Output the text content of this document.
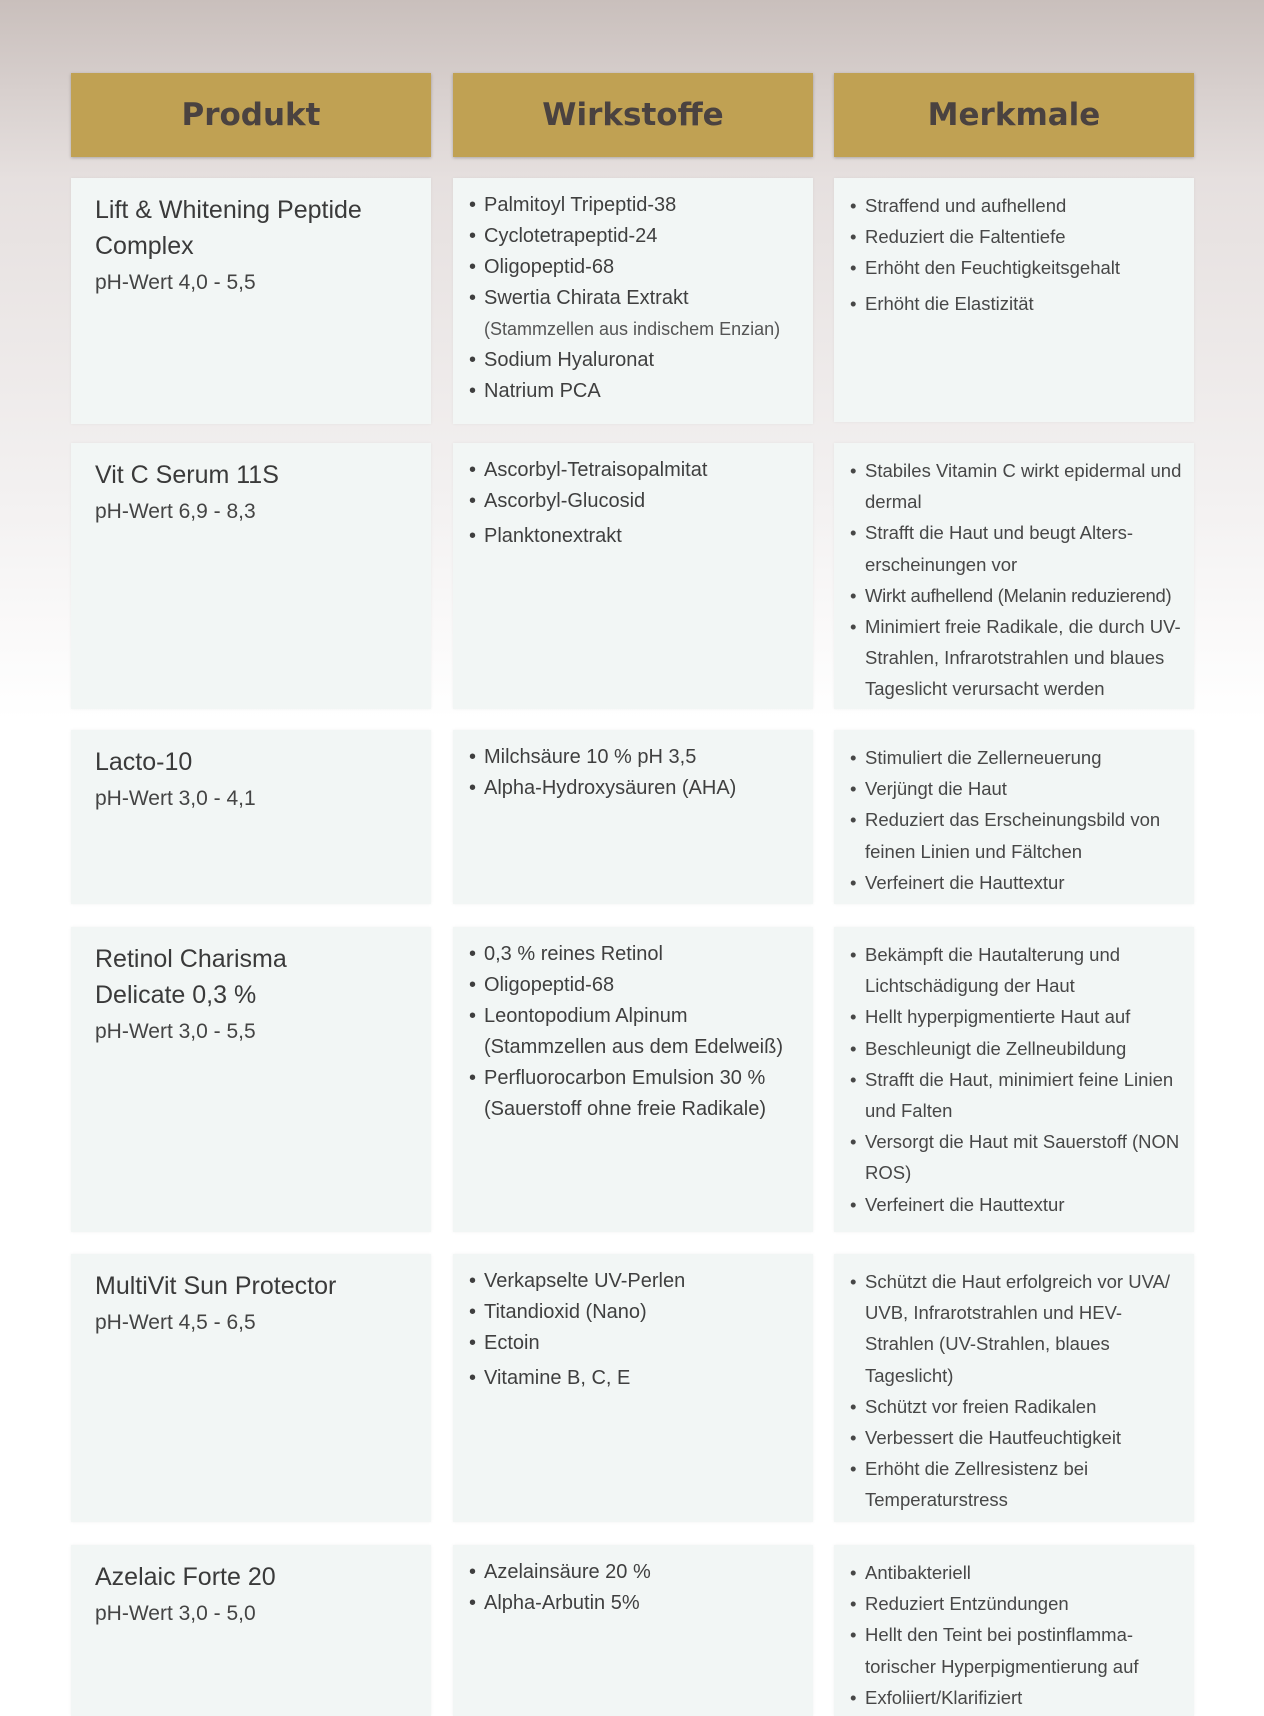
Produkt	Wirkstoffe	Merkmale
Lift & Whitening Peptide Complex
pH-Wert 4,0 - 5,5
• Palmitoyl Tripeptid-38
• Cyclotetrapeptid-24
• Oligopeptid-68
• Swertia Chirata Extrakt
(Stammzellen aus indischem Enzian)
• Sodium Hyaluronat
• Natrium PCA
• Straffend und aufhellend
• Reduziert die Faltentiefe
• Erhöht den Feuchtigkeitsgehalt
• Erhöht die Elastizität
Vit C Serum 11S
pH-Wert 6,9 - 8,3
• Ascorbyl-Tetraisopalmitat
• Ascorbyl-Glucosid
• Planktonextrakt
• Stabiles Vitamin C wirkt epidermal und dermal
• Strafft die Haut und beugt Alters-erscheinungen vor
• Wirkt aufhellend (Melanin reduzierend)
• Minimiert freie Radikale, die durch UV-Strahlen, Infrarotstrahlen und blaues Tageslicht verursacht werden
Lacto-10
pH-Wert 3,0 - 4,1
• Milchsäure 10 % pH 3,5
• Alpha-Hydroxysäuren (AHA)
• Stimuliert die Zellerneuerung
• Verjüngt die Haut
• Reduziert das Erscheinungsbild von feinen Linien und Fältchen
• Verfeinert die Hauttextur
Retinol Charisma Delicate 0,3 %
pH-Wert 3,0 - 5,5
• 0,3 % reines Retinol
• Oligopeptid-68
• Leontopodium Alpinum
(Stammzellen aus dem Edelweiß)
• Perfluorocarbon Emulsion 30 %
(Sauerstoff ohne freie Radikale)
• Bekämpft die Hautalterung und Lichtschädigung der Haut
• Hellt hyperpigmentierte Haut auf
• Beschleunigt die Zellneubildung
• Strafft die Haut, minimiert feine Linien und Falten
• Versorgt die Haut mit Sauerstoff (NON ROS)
• Verfeinert die Hauttextur
MultiVit Sun Protector
pH-Wert 4,5 - 6,5
• Verkapselte UV-Perlen
• Titandioxid (Nano)
• Ectoin
• Vitamine B, C, E
• Schützt die Haut erfolgreich vor UVA/ UVB, Infrarotstrahlen und HEV-Strahlen (UV-Strahlen, blaues Tageslicht)
• Schützt vor freien Radikalen
• Verbessert die Hautfeuchtigkeit
• Erhöht die Zellresistenz bei Temperaturstress
Azelaic Forte 20
pH-Wert 3,0 - 5,0
• Azelainsäure 20 %
• Alpha-Arbutin 5%
• Antibakteriell
• Reduziert Entzündungen
• Hellt den Teint bei postinflamma-torischer Hyperpigmentierung auf
• Exfoliiert/Klarifiziert
